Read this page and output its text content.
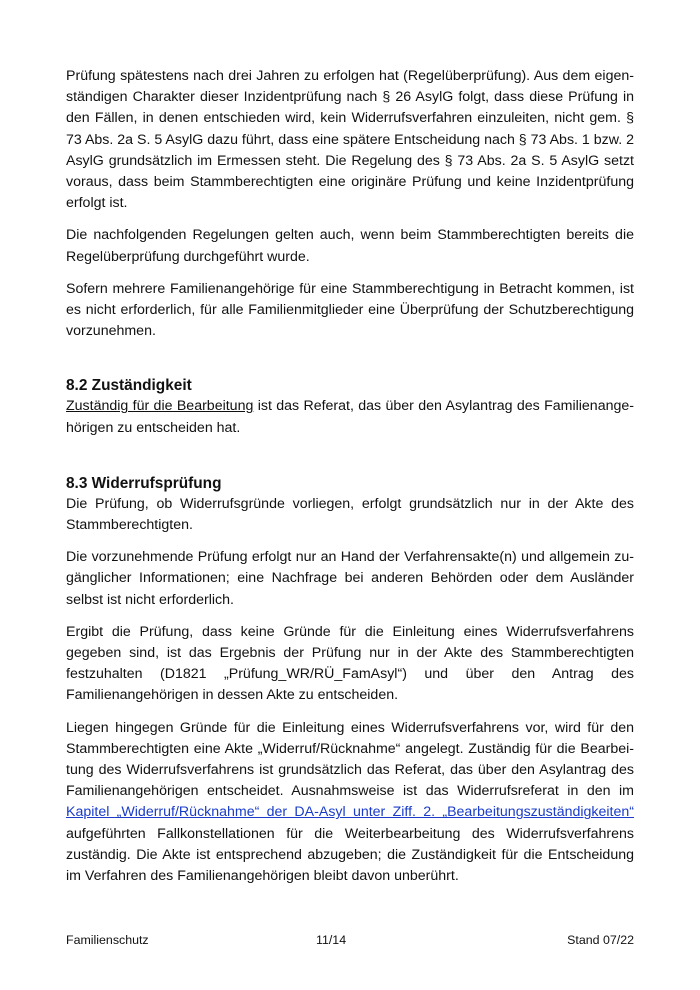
Prüfung spätestens nach drei Jahren zu erfolgen hat (Regelüberprüfung). Aus dem eigenständigen Charakter dieser Inzidentprüfung nach § 26 AsylG folgt, dass diese Prüfung in den Fällen, in denen entschieden wird, kein Widerrufsverfahren einzuleiten, nicht gem. § 73 Abs. 2a S. 5 AsylG dazu führt, dass eine spätere Entscheidung nach § 73 Abs. 1 bzw. 2 AsylG grundsätzlich im Ermessen steht. Die Regelung des § 73 Abs. 2a S. 5 AsylG setzt voraus, dass beim Stammberechtigten eine originäre Prüfung und keine Inzidentprüfung erfolgt ist.

Die nachfolgenden Regelungen gelten auch, wenn beim Stammberechtigten bereits die Regelüberprüfung durchgeführt wurde.

Sofern mehrere Familienangehörige für eine Stammberechtigung in Betracht kommen, ist es nicht erforderlich, für alle Familienmitglieder eine Überprüfung der Schutzberechtigung vorzunehmen.

8.2 Zuständigkeit

Zuständig für die Bearbeitung ist das Referat, das über den Asylantrag des Familienangehörigen zu entscheiden hat.

8.3 Widerrufsprüfung

Die Prüfung, ob Widerrufsgründe vorliegen, erfolgt grundsätzlich nur in der Akte des Stammberechtigten.

Die vorzunehmende Prüfung erfolgt nur an Hand der Verfahrensakte(n) und allgemein zugänglicher Informationen; eine Nachfrage bei anderen Behörden oder dem Ausländer selbst ist nicht erforderlich.

Ergibt die Prüfung, dass keine Gründe für die Einleitung eines Widerrufsverfahrens gegeben sind, ist das Ergebnis der Prüfung nur in der Akte des Stammberechtigten festzuhalten (D1821 „Prüfung_WR/RÜ_FamAsyl“) und über den Antrag des Familienangehörigen in dessen Akte zu entscheiden.

Liegen hingegen Gründe für die Einleitung eines Widerrufsverfahrens vor, wird für den Stammberechtigten eine Akte „Widerruf/Rücknahme“ angelegt. Zuständig für die Bearbeitung des Widerrufsverfahrens ist grundsätzlich das Referat, das über den Asylantrag des Familienangehörigen entscheidet. Ausnahmsweise ist das Widerrufsreferat in den im Kapitel „Widerruf/Rücknahme“ der DA-Asyl unter Ziff. 2. „Bearbeitungszuständigkeiten“ aufgeführten Fallkonstellationen für die Weiterbearbeitung des Widerrufsverfahrens zuständig. Die Akte ist entsprechend abzugeben; die Zuständigkeit für die Entscheidung im Verfahren des Familienangehörigen bleibt davon unberührt.

Familienschutz	11/14	Stand 07/22
